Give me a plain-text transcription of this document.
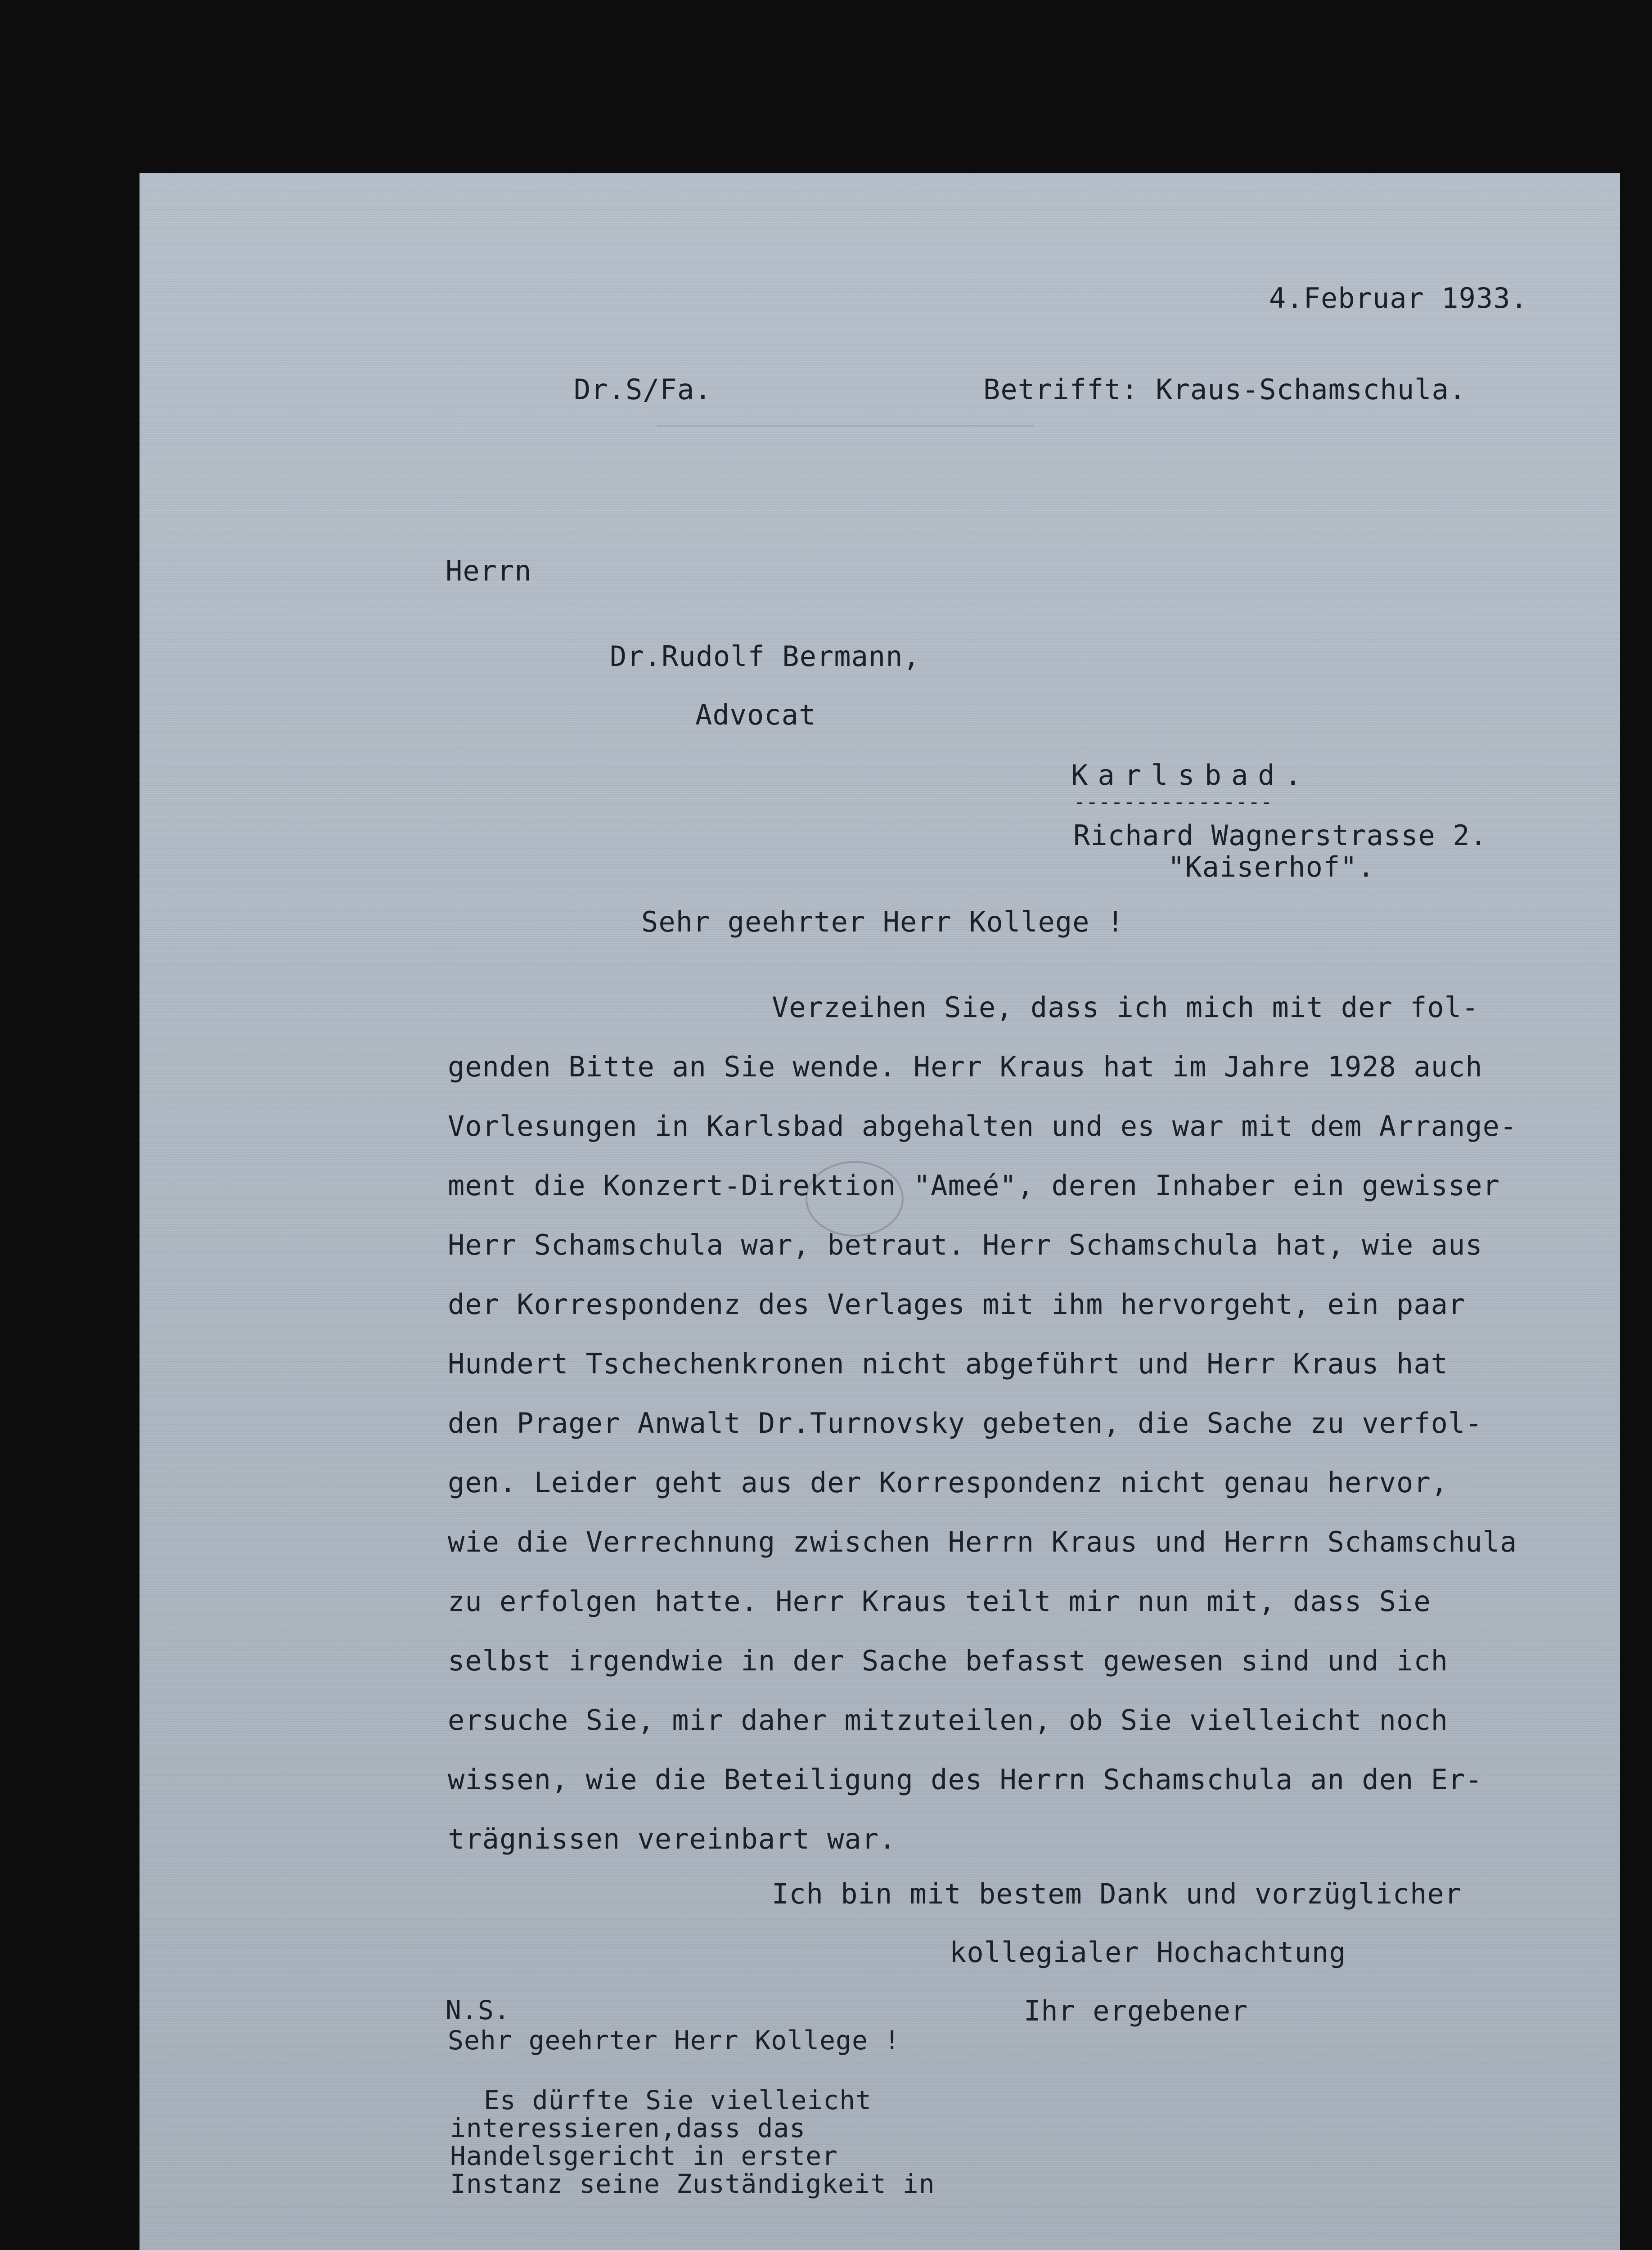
________________________
4.Februar 1933.
Dr.S/Fa.	Betrifft: Kraus-Schamschula.
Herrn
Dr.Rudolf Bermann,
Advocat
Karlsbad.
----------------
Richard Wagnerstrasse 2.
"Kaiserhof".
Sehr geehrter Herr Kollege !
Verzeihen Sie, dass ich mich mit der fol-
genden Bitte an Sie wende. Herr Kraus hat im Jahre 1928 auch
Vorlesungen in Karlsbad abgehalten und es war mit dem Arrange-
ment die Konzert-Direktion "Ameé", deren Inhaber ein gewisser
Herr Schamschula war, betraut. Herr Schamschula hat, wie aus
der Korrespondenz des Verlages mit ihm hervorgeht, ein paar
Hundert Tschechenkronen nicht abgeführt und Herr Kraus hat
den Prager Anwalt Dr.Turnovsky gebeten, die Sache zu verfol-
gen. Leider geht aus der Korrespondenz nicht genau hervor,
wie die Verrechnung zwischen Herrn Kraus und Herrn Schamschula
zu erfolgen hatte. Herr Kraus teilt mir nun mit, dass Sie
selbst irgendwie in der Sache befasst gewesen sind und ich
ersuche Sie, mir daher mitzuteilen, ob Sie vielleicht noch
wissen, wie die Beteiligung des Herrn Schamschula an den Er-
trägnissen vereinbart war.
Ich bin mit bestem Dank und vorzüglicher
kollegialer Hochachtung
Ihr ergebener
N.S.
Sehr geehrter Herr Kollege !
Es dürfte Sie vielleicht
interessieren,dass das
Handelsgericht in erster
Instanz seine Zuständigkeit in
